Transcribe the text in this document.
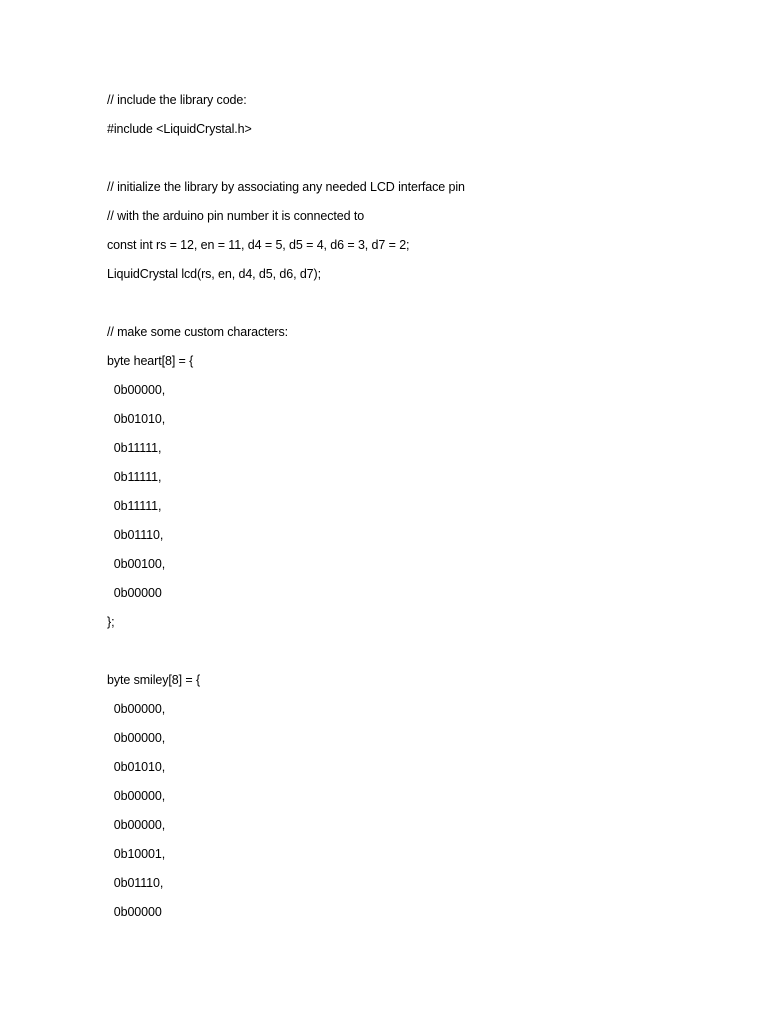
// include the library code:
#include <LiquidCrystal.h>
// initialize the library by associating any needed LCD interface pin
// with the arduino pin number it is connected to
const int rs = 12, en = 11, d4 = 5, d5 = 4, d6 = 3, d7 = 2;
LiquidCrystal lcd(rs, en, d4, d5, d6, d7);
// make some custom characters:
byte heart[8] = {
0b00000,
0b01010,
0b11111,
0b11111,
0b11111,
0b01110,
0b00100,
0b00000
};
byte smiley[8] = {
0b00000,
0b00000,
0b01010,
0b00000,
0b00000,
0b10001,
0b01110,
0b00000
